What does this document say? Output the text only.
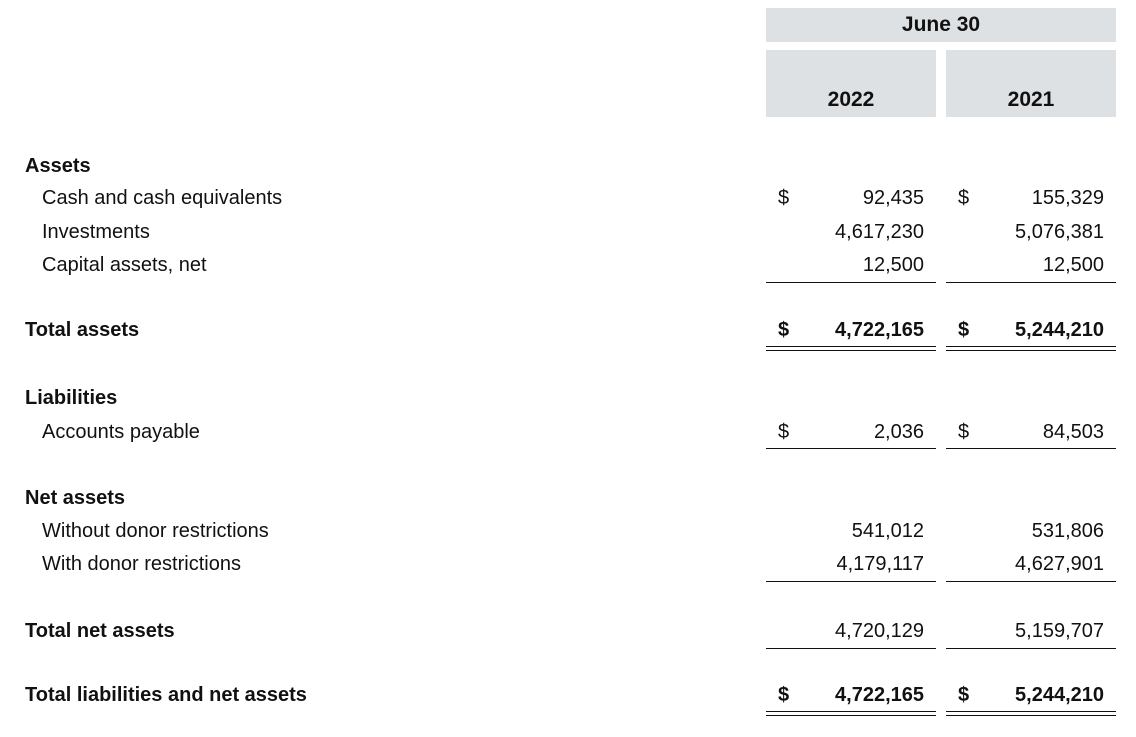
June 30
2022	2021
Assets
Cash and cash equivalents	$	92,435 $	155,329
Investments	4,617,230	5,076,381
Capital assets, net	12,500	12,500
Total assets	$	4,722,165 $	5,244,210
Liabilities
Accounts payable	$	2,036 $	84,503
Net assets
Without donor restrictions	541,012	531,806
With donor restrictions	4,179,117	4,627,901
Total net assets	4,720,129	5,159,707
Total liabilities and net assets	$	4,722,165 $	5,244,210
